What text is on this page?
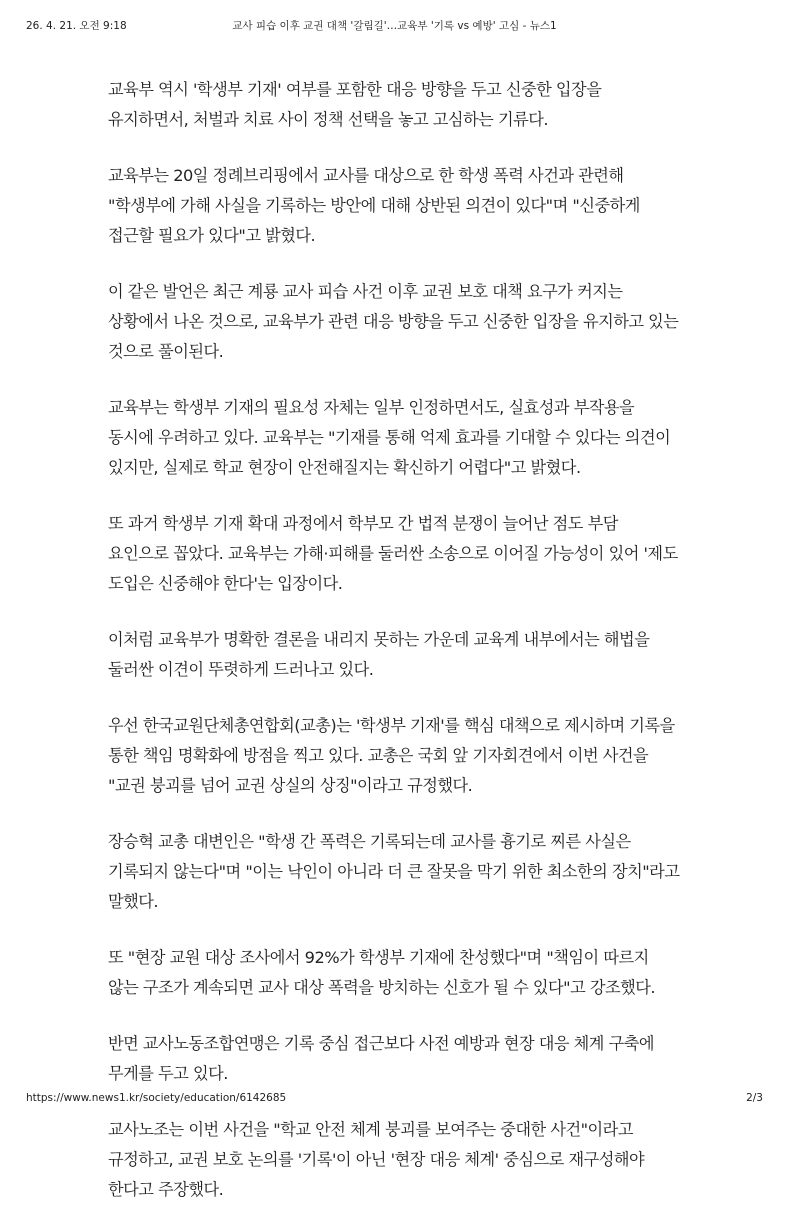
26. 4. 21. 오전 9:18	교사 피습 이후 교권 대책 '갈림길'…교육부 '기록 vs 예방' 고심 - 뉴스1

교육부 역시 '학생부 기재' 여부를 포함한 대응 방향을 두고 신중한 입장을 유지하면서, 처벌과 치료 사이 정책 선택을 놓고 고심하는 기류다.

교육부는 20일 정례브리핑에서 교사를 대상으로 한 학생 폭력 사건과 관련해 "학생부에 가해 사실을 기록하는 방안에 대해 상반된 의견이 있다"며 "신중하게 접근할 필요가 있다"고 밝혔다.

이 같은 발언은 최근 계룡 교사 피습 사건 이후 교권 보호 대책 요구가 커지는 상황에서 나온 것으로, 교육부가 관련 대응 방향을 두고 신중한 입장을 유지하고 있는 것으로 풀이된다.

교육부는 학생부 기재의 필요성 자체는 일부 인정하면서도, 실효성과 부작용을 동시에 우려하고 있다. 교육부는 "기재를 통해 억제 효과를 기대할 수 있다는 의견이 있지만, 실제로 학교 현장이 안전해질지는 확신하기 어렵다"고 밝혔다.

또 과거 학생부 기재 확대 과정에서 학부모 간 법적 분쟁이 늘어난 점도 부담 요인으로 꼽았다. 교육부는 가해·피해를 둘러싼 소송으로 이어질 가능성이 있어 '제도 도입은 신중해야 한다'는 입장이다.

이처럼 교육부가 명확한 결론을 내리지 못하는 가운데 교육계 내부에서는 해법을 둘러싼 이견이 뚜렷하게 드러나고 있다.

우선 한국교원단체총연합회(교총)는 '학생부 기재'를 핵심 대책으로 제시하며 기록을 통한 책임 명확화에 방점을 찍고 있다. 교총은 국회 앞 기자회견에서 이번 사건을 "교권 붕괴를 넘어 교권 상실의 상징"이라고 규정했다.

장승혁 교총 대변인은 "학생 간 폭력은 기록되는데 교사를 흉기로 찌른 사실은 기록되지 않는다"며 "이는 낙인이 아니라 더 큰 잘못을 막기 위한 최소한의 장치"라고 말했다.

또 "현장 교원 대상 조사에서 92%가 학생부 기재에 찬성했다"며 "책임이 따르지 않는 구조가 계속되면 교사 대상 폭력을 방치하는 신호가 될 수 있다"고 강조했다.

반면 교사노동조합연맹은 기록 중심 접근보다 사전 예방과 현장 대응 체계 구축에 무게를 두고 있다.

교사노조는 이번 사건을 "학교 안전 체계 붕괴를 보여주는 중대한 사건"이라고 규정하고, 교권 보호 논의를 '기록'이 아닌 '현장 대응 체계' 중심으로 재구성해야 한다고 주장했다.

https://www.news1.kr/society/education/6142685	2/3
